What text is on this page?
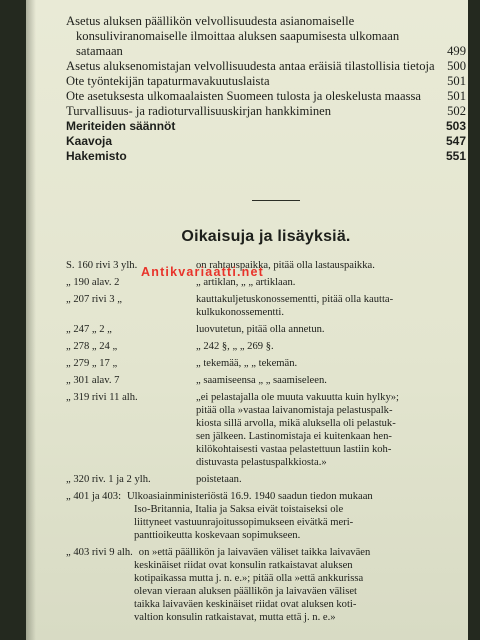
Asetus aluksen päällikön velvollisuudesta asianomaiselle konsuliviranomaiselle ilmoittaa aluksen saapumisesta ulkomaan satamaan	499
Asetus aluksenomistajan velvollisuudesta antaa eräisiä tilastollisia tietoja 500
Ote työntekijän tapaturmavakuutuslaista	501
Ote asetuksesta ulkomaalaisten Suomeen tulosta ja oleskelusta maassa	501
Turvallisuus- ja radioturvallisuuskirjan hankkiminen	502
Meriteiden säännöt	503
Kaavoja	547
Hakemisto	551
Oikaisuja ja lisäyksiä.
S. 160 rivi 3 ylh.	on rahtauspaikka, pitää olla lastauspaikka.
„ 190 alav. 2	„ artiklan, „ „ artiklaan.
„ 207 rivi 3 „	kauttakuljetuskonossementti, pitää olla kautta-
kulkukonossementti.
„ 247 „ 2 „	luovutetun, pitää olla annetun.
„ 278 „ 24 „	„ 242 §, „ „ 269 §.
„ 279 „ 17 „	„ tekemää, „ „ tekemän.
„ 301 alav. 7	„ saamiseensa „ „ saamiseleen.
„ 319 rivi 11 alh.	„ei pelastajalla ole muuta vakuutta kuin hylky»;
pitää olla »vastaa laivanomistaja pelastuspalk-
kiosta sillä arvolla, mikä aluksella oli pelastuk-
sen jälkeen. Lastinomistaja ei kuitenkaan hen-
kilökohtaisesti vastaa pelastettuun lastiin koh-
distuvasta pelastuspalkkiosta.»
„ 320 riv. 1 ja 2 ylh.	poistetaan.
„ 401 ja 403: Ulkoasiainministeriöstä 16.9. 1940 saadun tiedon mukaan
Iso-Britannia, Italia ja Saksa eivät toistaiseksi ole
liittyneet vastuunrajoitussopimukseen eivätkä meri-
panttioikeutta koskevaan sopimukseen.
„ 403 rivi 9 alh. on »että päällikön ja laivaväen väliset taikka laivaväen
keskinäiset riidat ovat konsulin ratkaistavat aluksen
kotipaikassa mutta j. n. e.»; pitää olla »että ankkurissa
olevan vieraan aluksen päällikön ja laivaväen väliset
taikka laivaväen keskinäiset riidat ovat aluksen koti-
valtion konsulin ratkaistavat, mutta että j. n. e.»
Antikvariaatti.net
